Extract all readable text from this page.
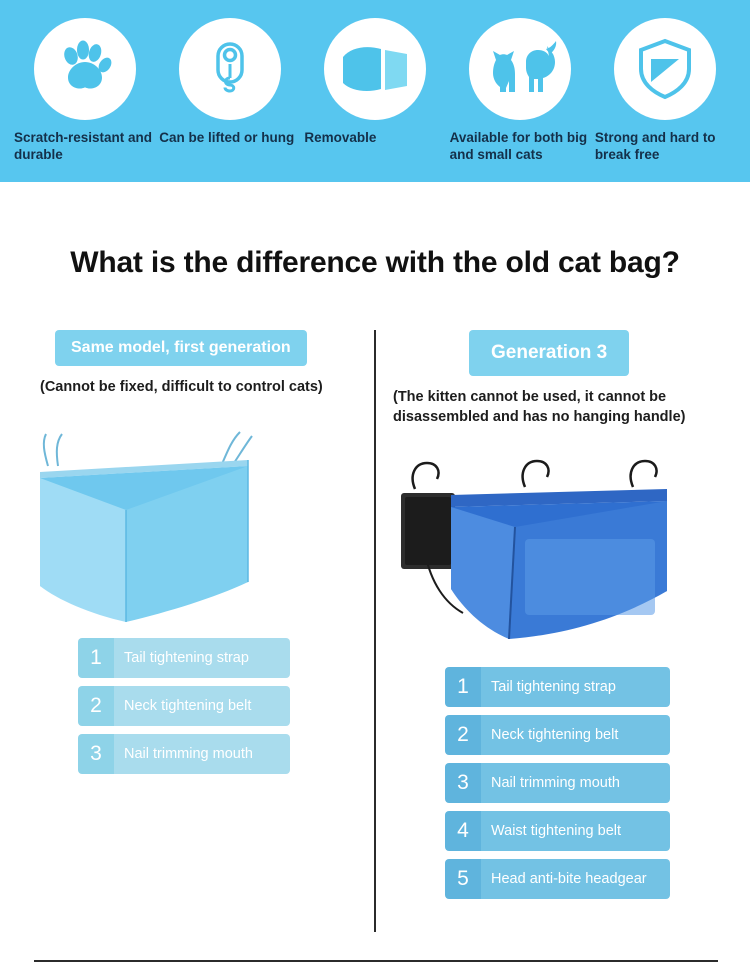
Scratch-resistant and durable
Can be lifted or hung Removable	Available for both big and small cats
Strong and hard to break free
What is the difference with the old cat bag?
Same model, first generation
(Cannot be fixed, difficult to control cats)
1	Tail tightening strap
2	Neck tightening belt
3	Nail trimming mouth
Generation 3
(The kitten cannot be used, it cannot be disassembled and has no hanging handle)
1	Tail tightening strap
2	Neck tightening belt
3	Nail trimming mouth
4	Waist tightening belt
5	Head anti-bite headgear
